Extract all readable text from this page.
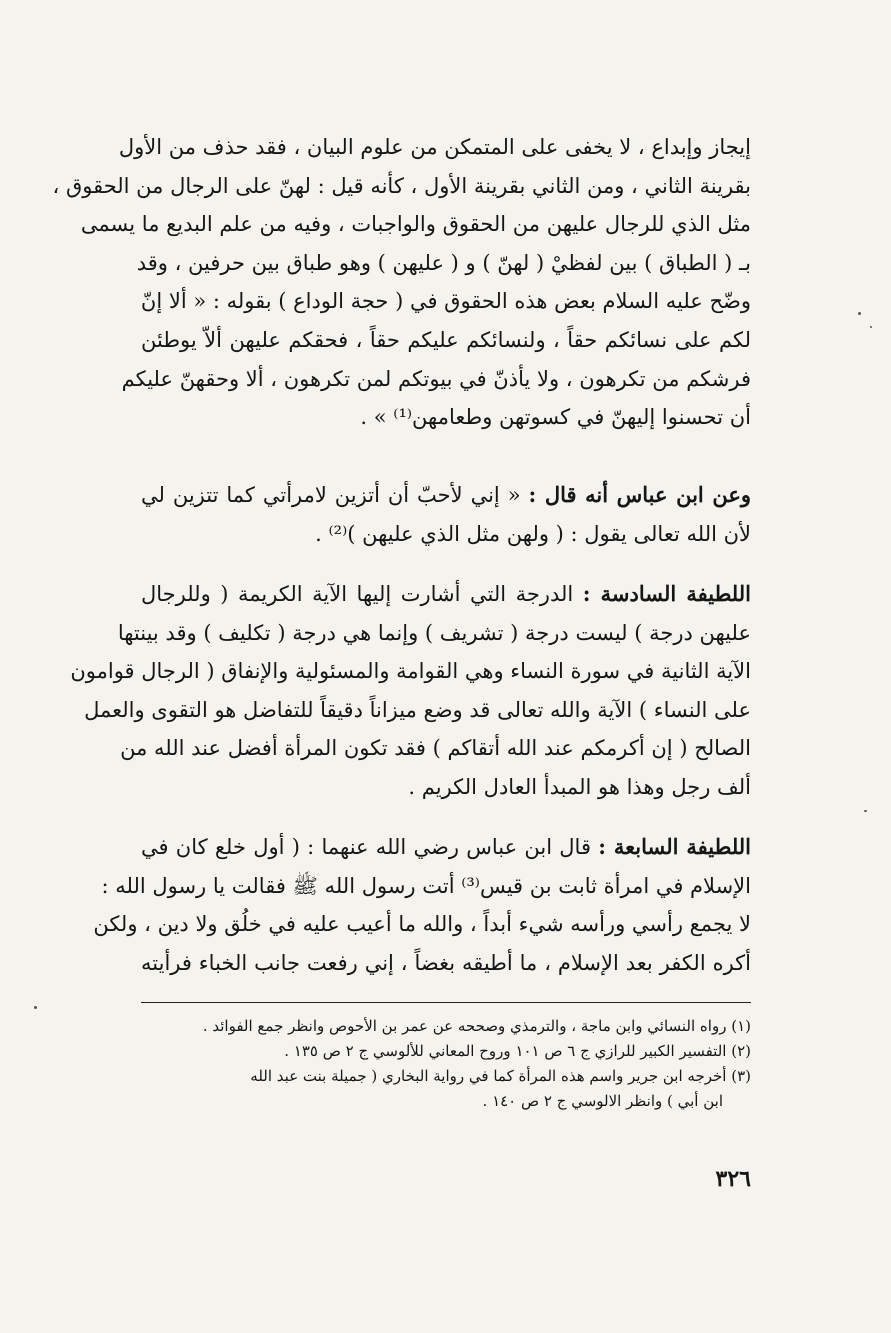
إيجاز وإبداع ، لا يخفى على المتمكن من علوم البيان ، فقد حذف من الأول
بقرينة الثاني ، ومن الثاني بقرينة الأول ، كأنه قيل : لهنّ على الرجال من الحقوق ،
مثل الذي للرجال عليهن من الحقوق والواجبات ، وفيه من علم البديع ما يسمى
بـ ( الطباق ) بين لفظيْ ( لهنّ ) و ( عليهن ) وهو طباق بين حرفين ، وقد
وضّح عليه السلام بعض هذه الحقوق في ( حجة الوداع ) بقوله : « ألا إنّ
لكم على نسائكم حقاً ، ولنسائكم عليكم حقاً ، فحقكم عليهن ألاّ يوطئن
فرشكم من تكرهون ، ولا يأذنّ في بيوتكم لمن تكرهون ، ألا وحقهنّ عليكم
أن تحسنوا إليهنّ في كسوتهن وطعامهن⁽¹⁾ » .
وعن ابن عباس أنه قال : « إني لأحبّ أن أتزين لامرأتي كما تتزين لي
لأن الله تعالى يقول : ( ولهن مثل الذي عليهن )⁽²⁾ .
اللطيفة السادسة : الدرجة التي أشارت إليها الآية الكريمة ( وللرجال
عليهن درجة ) ليست درجة ( تشريف ) وإنما هي درجة ( تكليف ) وقد بينتها
الآية الثانية في سورة النساء وهي القوامة والمسئولية والإنفاق ( الرجال قوامون
على النساء ) الآية والله تعالى قد وضع ميزاناً دقيقاً للتفاضل هو التقوى والعمل
الصالح ( إن أكرمكم عند الله أتقاكم ) فقد تكون المرأة أفضل عند الله من
ألف رجل وهذا هو المبدأ العادل الكريم .
اللطيفة السابعة : قال ابن عباس رضي الله عنهما : ( أول خلع كان في
الإسلام في امرأة ثابت بن قيس⁽³⁾ أتت رسول الله ﷺ فقالت يا رسول الله :
لا يجمع رأسي ورأسه شيء أبداً ، والله ما أعيب عليه في خلُق ولا دين ، ولكن
أكره الكفر بعد الإسلام ، ما أطيقه بغضاً ، إني رفعت جانب الخباء فرأيته
(١) رواه النسائي وابن ماجة ، والترمذي وصححه عن عمر بن الأحوص وانظر جمع الفوائد .
(٢) التفسير الكبير للرازي ج ٦ ص ١٠١ وروح المعاني للألوسي ج ٢ ص ١٣٥ .
(٣) أخرجه ابن جرير واسم هذه المرأة كما في رواية البخاري ( جميلة بنت عبد الله
ابن أبي ) وانظر الالوسي ج ٢ ص ١٤٠ .
٣٢٦
